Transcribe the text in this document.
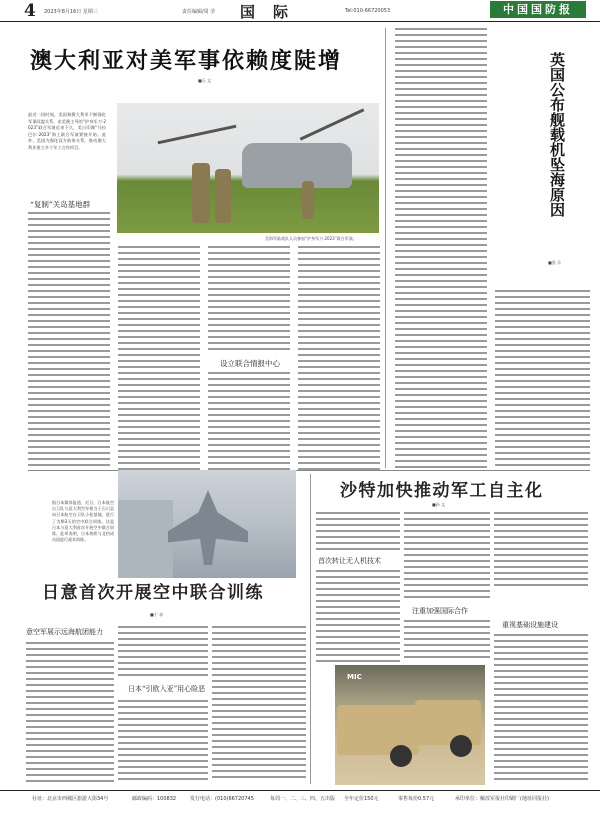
4 2023年8月16日 星期三	责任编辑/周 莹 国际	Tel:010-66720053	中国国防报
澳大利亚对美军事依赖度陡增
■石 文
最近一段时间，美国和澳大利亚不断强化军事同盟关系。由美澳主导的“护身军刀-2023”联合军演近来不久，美日印澳“马拉巴尔-2023”海上联合军演紧接开始。此外，美国为强化双方防务关系，推动澳大利亚建立多个军工合作项目。
“复制”关岛基地群
美海军陆战队人员参加“护身军刀-2023”联合军演。
设立联合情报中心
英国公布舰载机坠海原因
■黑 乐
据日本媒体报道，近日，日本航空自卫队与意大利空军相当于石川县向日本航空自卫队小松基地，进行了为期3天的空中联合训练。这是日本与意大利首次开展空中联合训练。此举表明，日本持续与北约成员国进行战术训练。
日意首次开展空中联合训练
■于 承
意空军展示远海航团能力
日本“引欧入亚”用心险恶
沙特加快推动军工自主化
■孙 文
首次转让无人机技术
注重加强国际合作
重视基础设施建设
MIC
社址：北京市西城区旅游大街34号	邮政编码：100832	发行电话：(010)66720745	每周一、二、三、四、五出版 全年定价150元	零售每份0.57元	承印单位：解放军报社印刷厂(地址同报社)
